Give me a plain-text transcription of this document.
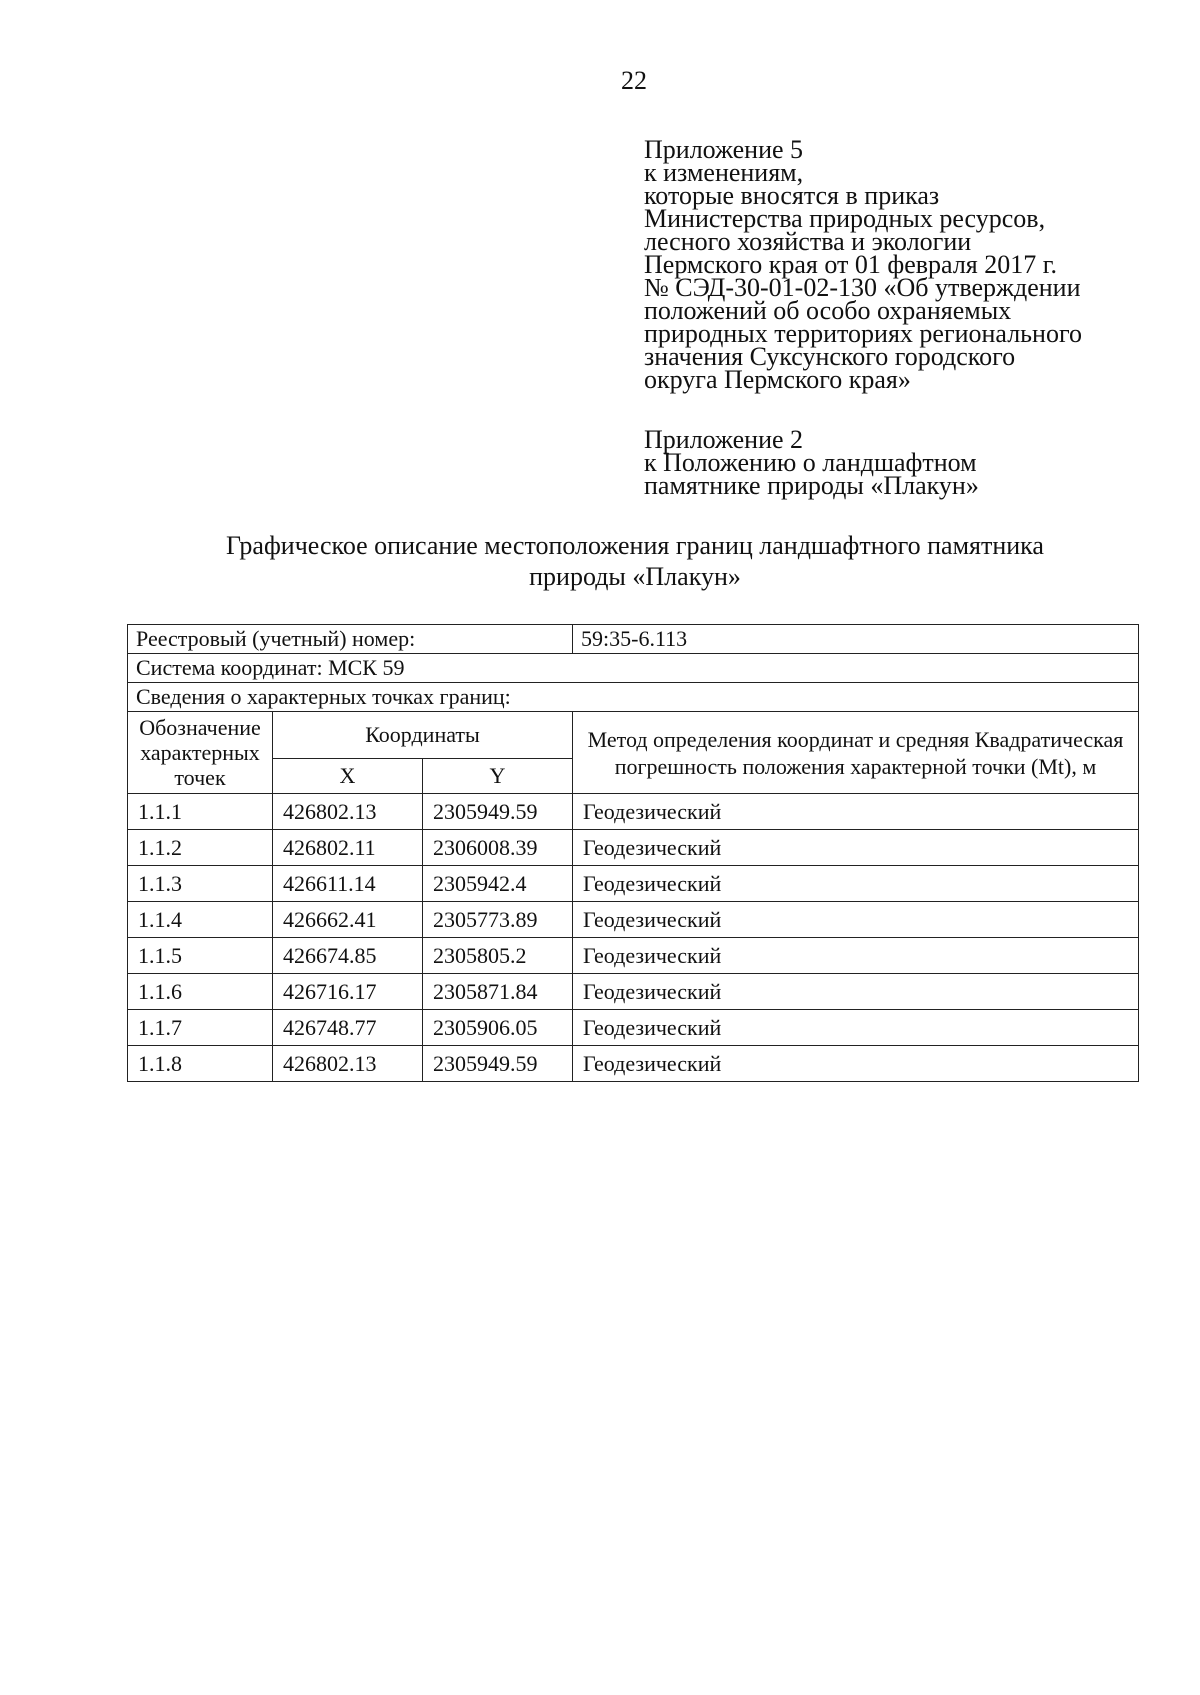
22
Приложение 5
к изменениям,
которые вносятся в приказ
Министерства природных ресурсов,
лесного хозяйства и экологии
Пермского края от 01 февраля 2017 г.
№ СЭД-30-01-02-130 «Об утверждении
положений об особо охраняемых
природных территориях регионального
значения Суксунского городского
округа Пермского края»
Приложение 2
к Положению о ландшафтном
памятнике природы «Плакун»
Графическое описание местоположения границ ландшафтного памятника
природы «Плакун»
Реестровый (учетный) номер:			59:35-6.113
Система координат: МСК 59			
Сведения о характерных точках границ:			
Обозначение характерных точек	Координаты		Метод определения координат и средняя Квадратическая погрешность положения характерной точки (Mt), м
	X	Y	
1.1.1	426802.13	2305949.59	Геодезический
1.1.2	426802.11	2306008.39	Геодезический
1.1.3	426611.14	2305942.4	Геодезический
1.1.4	426662.41	2305773.89	Геодезический
1.1.5	426674.85	2305805.2	Геодезический
1.1.6	426716.17	2305871.84	Геодезический
1.1.7	426748.77	2305906.05	Геодезический
1.1.8	426802.13	2305949.59	Геодезический
